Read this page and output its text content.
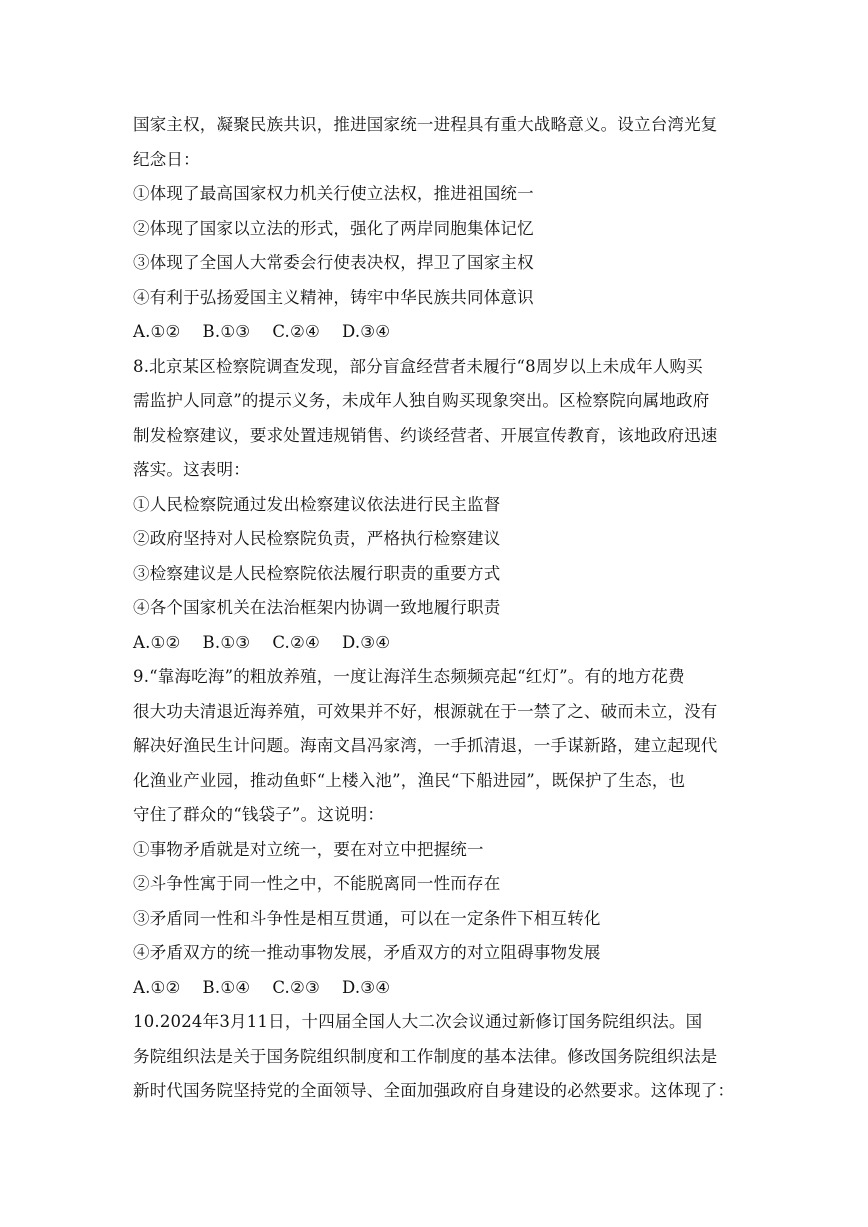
国家主权，凝聚民族共识，推进国家统一进程具有重大战略意义。设立台湾光复
纪念日：
①体现了最高国家权力机关行使立法权，推进祖国统一
②体现了国家以立法的形式，强化了两岸同胞集体记忆
③体现了全国人大常委会行使表决权，捍卫了国家主权
④有利于弘扬爱国主义精神，铸牢中华民族共同体意识
A.①② B.①③ C.②④ D.③④
8.北京某区检察院调查发现，部分盲盒经营者未履行“8周岁以上未成年人购买
需监护人同意”的提示义务，未成年人独自购买现象突出。区检察院向属地政府
制发检察建议，要求处置违规销售、约谈经营者、开展宣传教育，该地政府迅速
落实。这表明：
①人民检察院通过发出检察建议依法进行民主监督
②政府坚持对人民检察院负责，严格执行检察建议
③检察建议是人民检察院依法履行职责的重要方式
④各个国家机关在法治框架内协调一致地履行职责
A.①② B.①③ C.②④ D.③④
9.“靠海吃海”的粗放养殖，一度让海洋生态频频亮起“红灯”。有的地方花费
很大功夫清退近海养殖，可效果并不好，根源就在于一禁了之、破而未立，没有
解决好渔民生计问题。海南文昌冯家湾，一手抓清退，一手谋新路，建立起现代
化渔业产业园，推动鱼虾“上楼入池”，渔民“下船进园”，既保护了生态，也
守住了群众的“钱袋子”。这说明：
①事物矛盾就是对立统一，要在对立中把握统一
②斗争性寓于同一性之中，不能脱离同一性而存在
③矛盾同一性和斗争性是相互贯通，可以在一定条件下相互转化
④矛盾双方的统一推动事物发展，矛盾双方的对立阻碍事物发展
A.①② B.①④ C.②③ D.③④
10.2024年3月11日，十四届全国人大二次会议通过新修订国务院组织法。国
务院组织法是关于国务院组织制度和工作制度的基本法律。修改国务院组织法是
新时代国务院坚持党的全面领导、全面加强政府自身建设的必然要求。这体现了：
